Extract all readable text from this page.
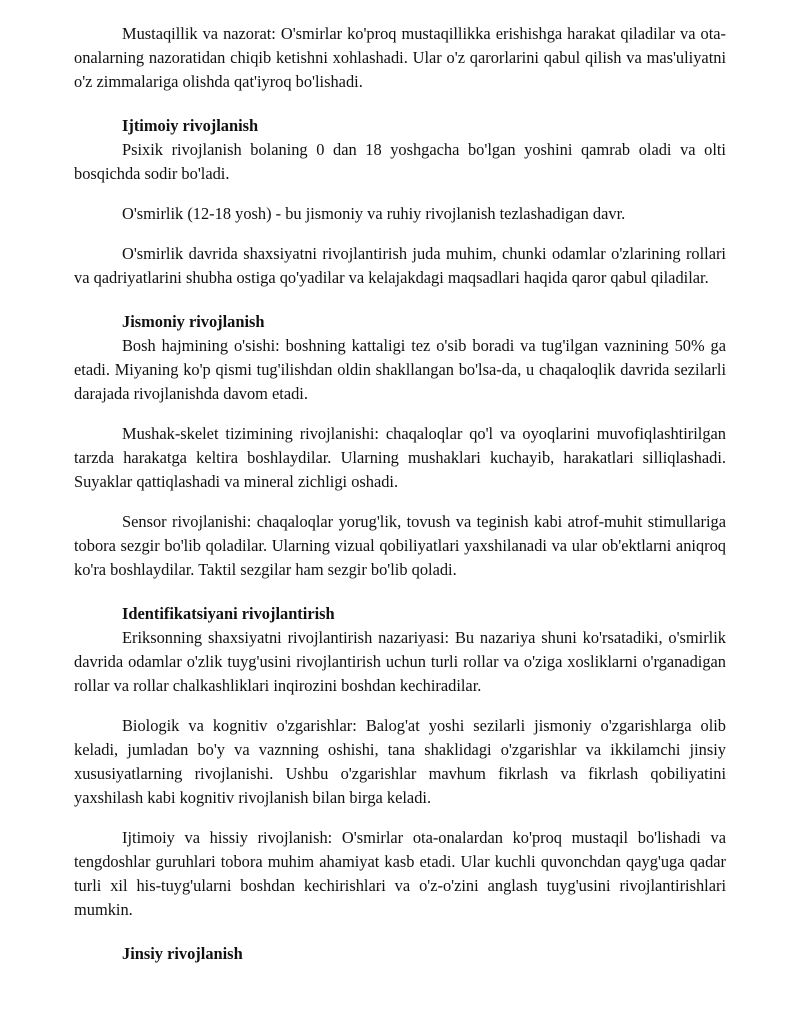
Mustaqillik va nazorat: O'smirlar ko'proq mustaqillikka erishishga harakat qiladilar va ota-onalarning nazoratidan chiqib ketishni xohlashadi. Ular o'z qarorlarini qabul qilish va mas'uliyatni o'z zimmalariga olishda qat'iyroq bo'lishadi.

Ijtimoiy rivojlanish

Psixik rivojlanish bolaning 0 dan 18 yoshgacha bo'lgan yoshini qamrab oladi va olti bosqichda sodir bo'ladi.

O'smirlik (12-18 yosh) - bu jismoniy va ruhiy rivojlanish tezlashadigan davr.

O'smirlik davrida shaxsiyatni rivojlantirish juda muhim, chunki odamlar o'zlarining rollari va qadriyatlarini shubha ostiga qo'yadilar va kelajakdagi maqsadlari haqida qaror qabul qiladilar.

Jismoniy rivojlanish

Bosh hajmining o'sishi: boshning kattaligi tez o'sib boradi va tug'ilgan vaznining 50% ga etadi. Miyaning ko'p qismi tug'ilishdan oldin shakllangan bo'lsa-da, u chaqaloqlik davrida sezilarli darajada rivojlanishda davom etadi.

Mushak-skelet tizimining rivojlanishi: chaqaloqlar qo'l va oyoqlarini muvofiqlashtirilgan tarzda harakatga keltira boshlaydilar. Ularning mushaklari kuchayib, harakatlari silliqlashadi. Suyaklar qattiqlashadi va mineral zichligi oshadi.

Sensor rivojlanishi: chaqaloqlar yorug'lik, tovush va teginish kabi atrof-muhit stimullariga tobora sezgir bo'lib qoladilar. Ularning vizual qobiliyatlari yaxshilanadi va ular ob'ektlarni aniqroq ko'ra boshlaydilar. Taktil sezgilar ham sezgir bo'lib qoladi.

Identifikatsiyani rivojlantirish

Eriksonning shaxsiyatni rivojlantirish nazariyasi: Bu nazariya shuni ko'rsatadiki, o'smirlik davrida odamlar o'zlik tuyg'usini rivojlantirish uchun turli rollar va o'ziga xosliklarni o'rganadigan rollar va rollar chalkashliklari inqirozini boshdan kechiradilar.

Biologik va kognitiv o'zgarishlar: Balog'at yoshi sezilarli jismoniy o'zgarishlarga olib keladi, jumladan bo'y va vaznning oshishi, tana shaklidagi o'zgarishlar va ikkilamchi jinsiy xususiyatlarning rivojlanishi. Ushbu o'zgarishlar mavhum fikrlash va fikrlash qobiliyatini yaxshilash kabi kognitiv rivojlanish bilan birga keladi.

Ijtimoiy va hissiy rivojlanish: O'smirlar ota-onalardan ko'proq mustaqil bo'lishadi va tengdoshlar guruhlari tobora muhim ahamiyat kasb etadi. Ular kuchli quvonchdan qayg'uga qadar turli xil his-tuyg'ularni boshdan kechirishlari va o'z-o'zini anglash tuyg'usini rivojlantirishlari mumkin.

Jinsiy rivojlanish
